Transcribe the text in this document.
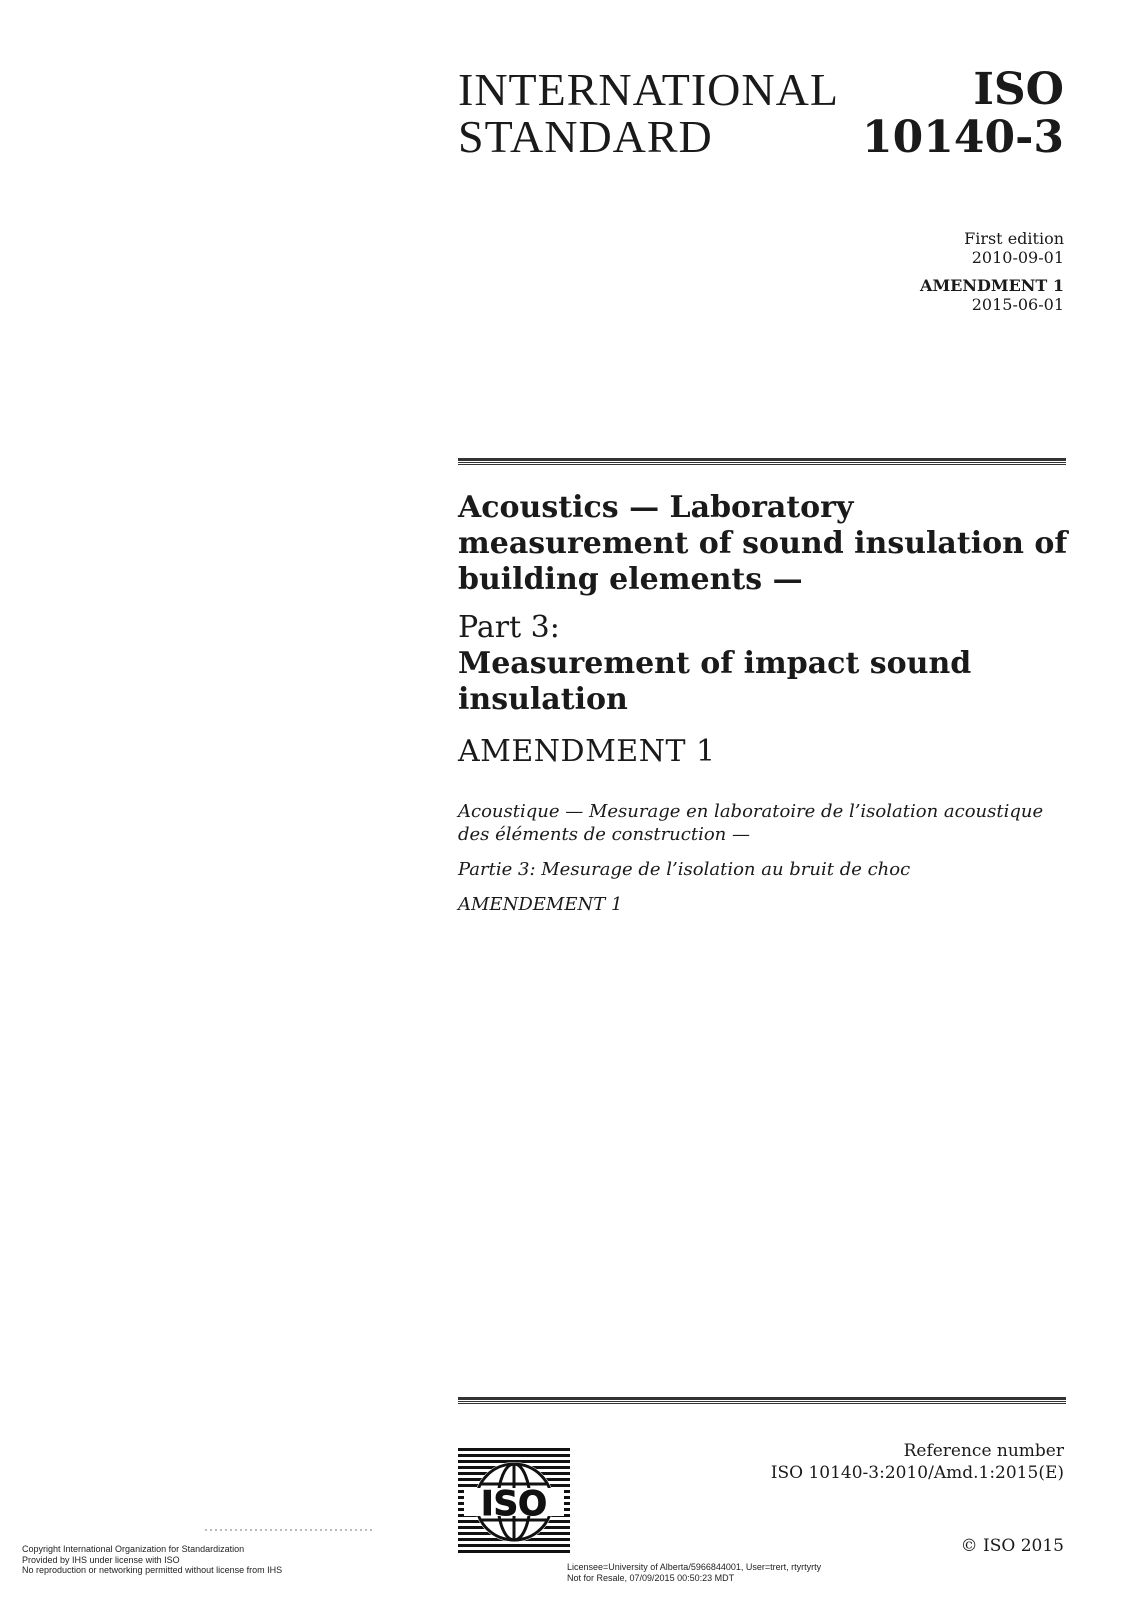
INTERNATIONAL
STANDARD
ISO
10140-3
First edition
2010-09-01
AMENDMENT 1
2015-06-01
Acoustics — Laboratory
measurement of sound insulation of
building elements —
Part 3:
Measurement of impact sound
insulation
AMENDMENT 1

Acoustique — Mesurage en laboratoire de l’isolation acoustique des éléments de construction —

Partie 3: Mesurage de l’isolation au bruit de choc

AMENDEMENT 1

ISO
Reference number
ISO 10140-3:2010/Amd.1:2015(E)
© ISO 2015
Copyright International Organization for Standardization
Provided by IHS under license with ISO
No reproduction or networking permitted without license from IHS	Licensee=University of Alberta/5966844001, User=trert, rtyrtyrty
Not for Resale, 07/09/2015 00:50:23 MDT
